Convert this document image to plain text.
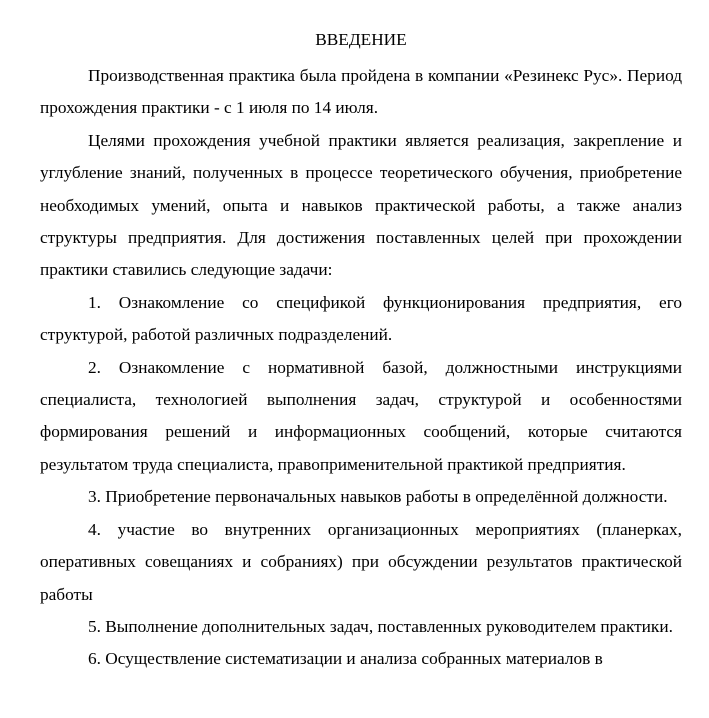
ВВЕДЕНИЕ

Производственная практика была пройдена в компании «Резинекс Рус». Период прохождения практики - с 1 июля по 14 июля.

Целями прохождения учебной практики является реализация, закрепление и углубление знаний, полученных в процессе теоретического обучения, приобретение необходимых умений, опыта и навыков практической работы, а также анализ структуры предприятия. Для достижения поставленных целей при прохождении практики ставились следующие задачи:

1. Ознакомление со спецификой функционирования предприятия, его структурой, работой различных подразделений.

2. Ознакомление с нормативной базой, должностными инструкциями специалиста, технологией выполнения задач, структурой и особенностями формирования решений и информационных сообщений, которые считаются результатом труда специалиста, правоприменительной практикой предприятия.

3. Приобретение первоначальных навыков работы в определённой должности.

4. участие во внутренних организационных мероприятиях (планерках, оперативных совещаниях и собраниях) при обсуждении результатов практической работы

5. Выполнение дополнительных задач, поставленных руководителем практики.

6. Осуществление систематизации и анализа собранных материалов в
